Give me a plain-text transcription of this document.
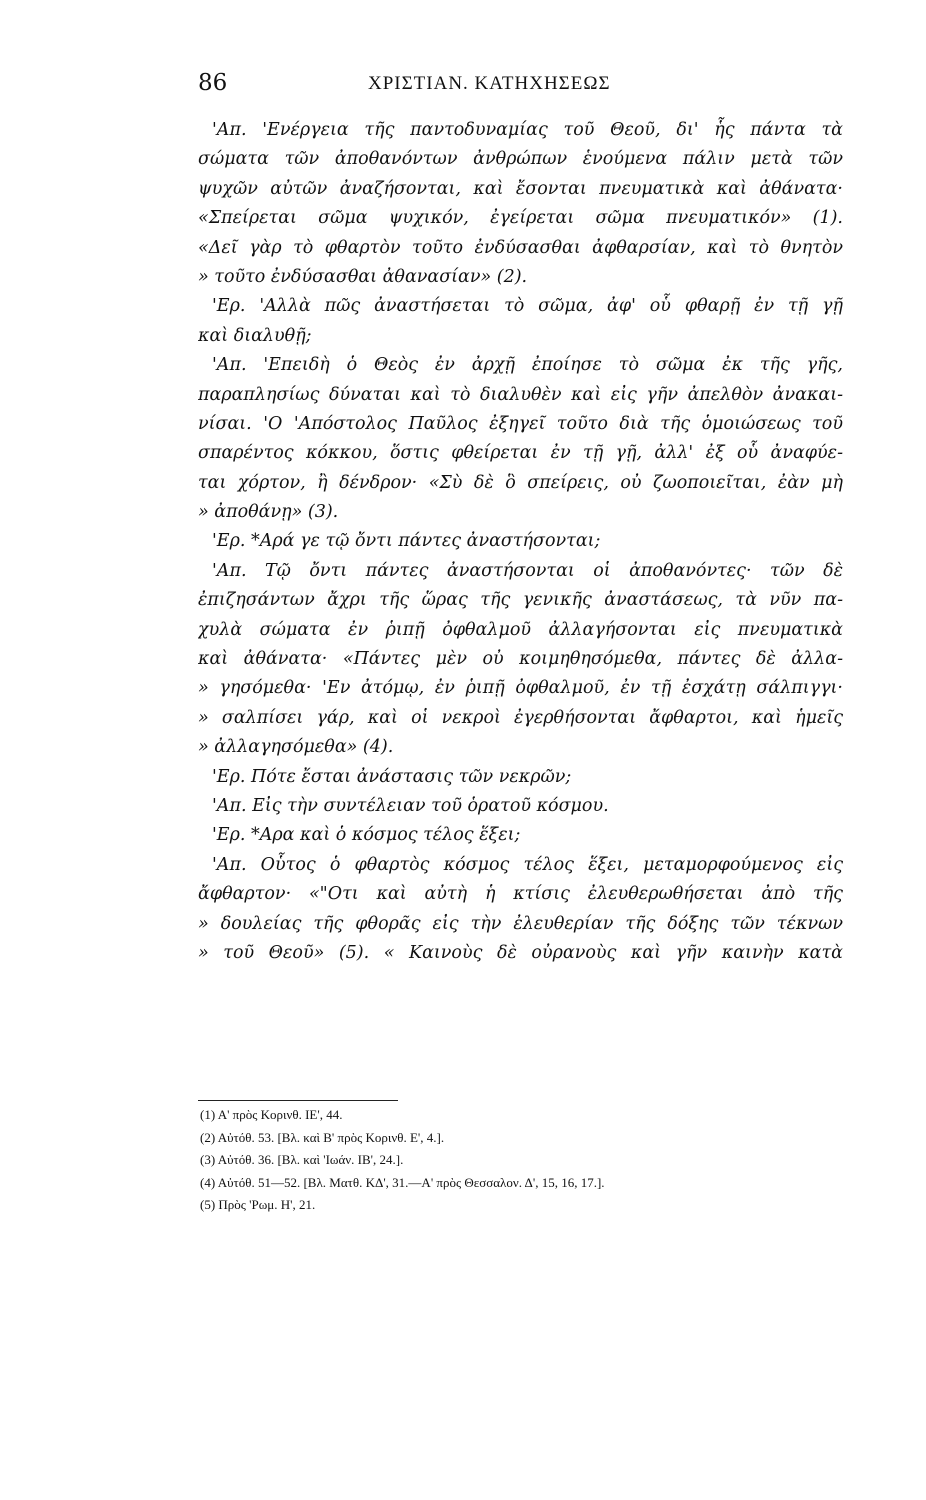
86	ΧΡΙΣΤΙΑΝ. ΚΑΤΗΧΗΣΕΩΣ
'Απ. 'Ενέργεια τῆς παντοδυναμίας τοῦ Θεοῦ, δι' ἧς πάντα τὰ
σώματα τῶν ἀποθανόντων ἀνθρώπων ἑνούμενα πάλιν μετὰ τῶν
ψυχῶν αὐτῶν ἀναζήσονται, καὶ ἔσονται πνευματικὰ καὶ ἀθάνατα·
«Σπείρεται σῶμα ψυχικόν, ἐγείρεται σῶμα πνευματικόν» (1).
«Δεῖ γὰρ τὸ φθαρτὸν τοῦτο ἐνδύσασθαι ἀφθαρσίαν, καὶ τὸ θνητὸν
» τοῦτο ἐνδύσασθαι ἀθανασίαν» (2).
'Ερ. 'Αλλὰ πῶς ἀναστήσεται τὸ σῶμα, ἀφ' οὗ φθαρῇ ἐν τῇ γῇ
καὶ διαλυθῇ;
'Απ. 'Επειδὴ ὁ Θεὸς ἐν ἀρχῇ ἐποίησε τὸ σῶμα ἐκ τῆς γῆς,
παραπλησίως δύναται καὶ τὸ διαλυθὲν καὶ εἰς γῆν ἀπελθὸν ἀνακαι-
νίσαι. 'Ο 'Απόστολος Παῦλος ἐξηγεῖ τοῦτο διὰ τῆς ὁμοιώσεως τοῦ
σπαρέντος κόκκου, ὅστις φθείρεται ἐν τῇ γῇ, ἀλλ' ἐξ οὗ ἀναφύε-
ται χόρτον, ἢ δένδρον· «Σὺ δὲ ὃ σπείρεις, οὐ ζωοποιεῖται, ἐὰν μὴ
» ἀποθάνῃ» (3).
'Ερ. *Αρά γε τῷ ὄντι πάντες ἀναστήσονται;
'Απ. Τῷ ὄντι πάντες ἀναστήσονται οἱ ἀποθανόντες· τῶν δὲ
ἐπιζησάντων ἄχρι τῆς ὥρας τῆς γενικῆς ἀναστάσεως, τὰ νῦν πα-
χυλὰ σώματα ἐν ῥιπῇ ὀφθαλμοῦ ἀλλαγήσονται εἰς πνευματικὰ
καὶ ἀθάνατα· «Πάντες μὲν οὐ κοιμηθησόμεθα, πάντες δὲ ἀλλα-
» γησόμεθα· 'Εν ἀτόμῳ, ἐν ῥιπῇ ὀφθαλμοῦ, ἐν τῇ ἐσχάτῃ σάλπιγγι·
» σαλπίσει γάρ, καὶ οἱ νεκροὶ ἐγερθήσονται ἄφθαρτοι, καὶ ἡμεῖς
» ἀλλαγησόμεθα» (4).
'Ερ. Πότε ἔσται ἀνάστασις τῶν νεκρῶν;
'Απ. Εἰς τὴν συντέλειαν τοῦ ὁρατοῦ κόσμου.
'Ερ. *Αρα καὶ ὁ κόσμος τέλος ἕξει;
'Απ. Οὗτος ὁ φθαρτὸς κόσμος τέλος ἕξει, μεταμορφούμενος εἰς
ἄφθαρτον· «"Οτι καὶ αὐτὴ ἡ κτίσις ἐλευθερωθήσεται ἀπὸ τῆς
» δουλείας τῆς φθορᾶς εἰς τὴν ἐλευθερίαν τῆς δόξης τῶν τέκνων
» τοῦ Θεοῦ» (5). « Καινοὺς δὲ οὐρανοὺς καὶ γῆν καινὴν κατὰ
(1) Α' πρὸς Κορινθ. ΙΕ', 44.
(2) Αὐτόθ. 53. [Βλ. καὶ Β' πρὸς Κορινθ. Ε', 4.].
(3) Αὐτόθ. 36. [Βλ. καὶ 'Ιωάν. ΙΒ', 24.].
(4) Αὐτόθ. 51—52. [Βλ. Ματθ. ΚΔ', 31.—Α' πρὸς Θεσσαλον. Δ', 15, 16, 17.].
(5) Πρὸς 'Ρωμ. Η', 21.
